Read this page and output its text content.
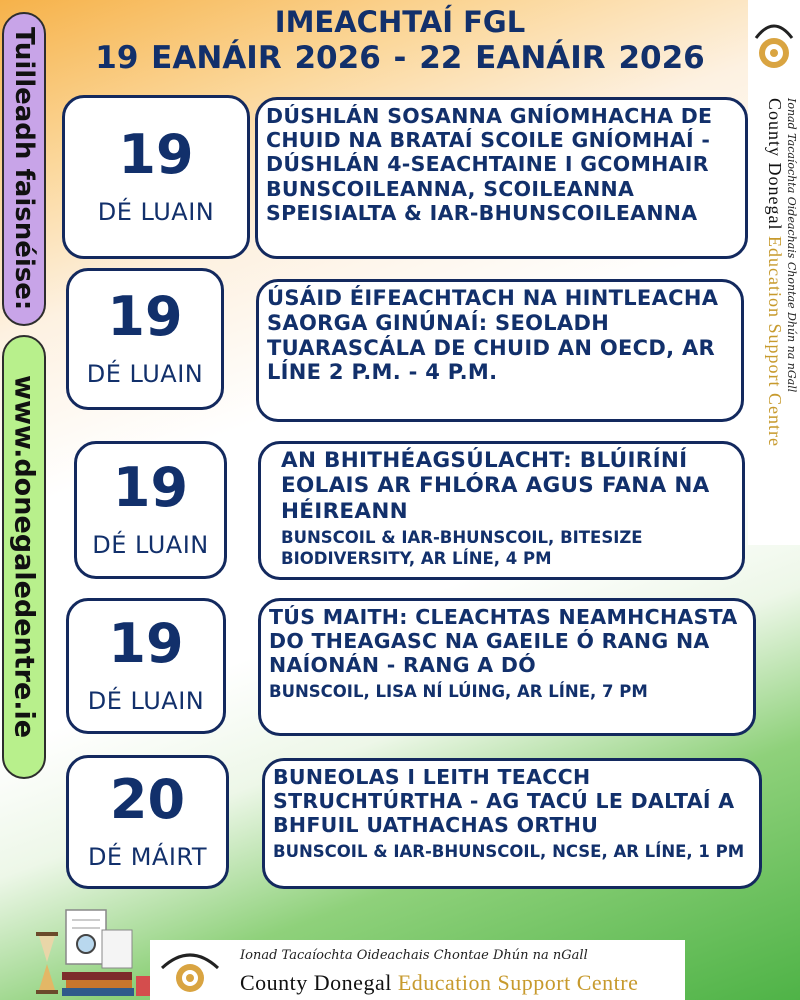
IMEACHTAÍ FGL
19 EANÁIR 2026 - 22 EANÁIR 2026
Tuilleadh faisnéise:
www.donegaledentre.ie
19
DÉ LUAIN
DÚSHLÁN SOSANNA GNÍOMHACHA DE CHUID NA BRATAÍ SCOILE GNÍOMHAÍ - DÚSHLÁN 4-SEACHTAINE I GCOMHAIR BUNSCOILEANNA, SCOILEANNA SPEISIALTA & IAR-BHUNSCOILEANNA
19
DÉ LUAIN
ÚSÁID ÉIFEACHTACH NA HINTLEACHA SAORGA GINÚNAÍ: SEOLADH TUARASCÁLA DE CHUID AN OECD, AR LÍNE 2 P.M. - 4 P.M.
19
DÉ LUAIN
AN BHITHÉAGSÚLACHT: BLÚIRÍNÍ EOLAIS AR FHLÓRA AGUS FANA NA HÉIREANN
BUNSCOIL & IAR-BHUNSCOIL, BITESIZE BIODIVERSITY, AR LÍNE, 4 PM
19
DÉ LUAIN
TÚS MAITH: CLEACHTAS NEAMHCHASTA DO THEAGASC NA GAEILE Ó RANG NA NAÍONÁN - RANG A DÓ
BUNSCOIL, LISA NÍ LÚING, AR LÍNE, 7 PM
20
DÉ MÁIRT
BUNEOLAS I LEITH TEACCH STRUCHTÚRTHA - AG TACÚ LE DALTAÍ A BHFUIL UATHACHAS ORTHU
BUNSCOIL & IAR-BHUNSCOIL, NCSE, AR LÍNE, 1 PM
Ionad Tacaíochta Oideachais Chontae Dhún na nGall
County Donegal Education Support Centre
Ionad Tacaíochta Oideachais Chontae Dhún na nGall
County Donegal Education Support Centre
